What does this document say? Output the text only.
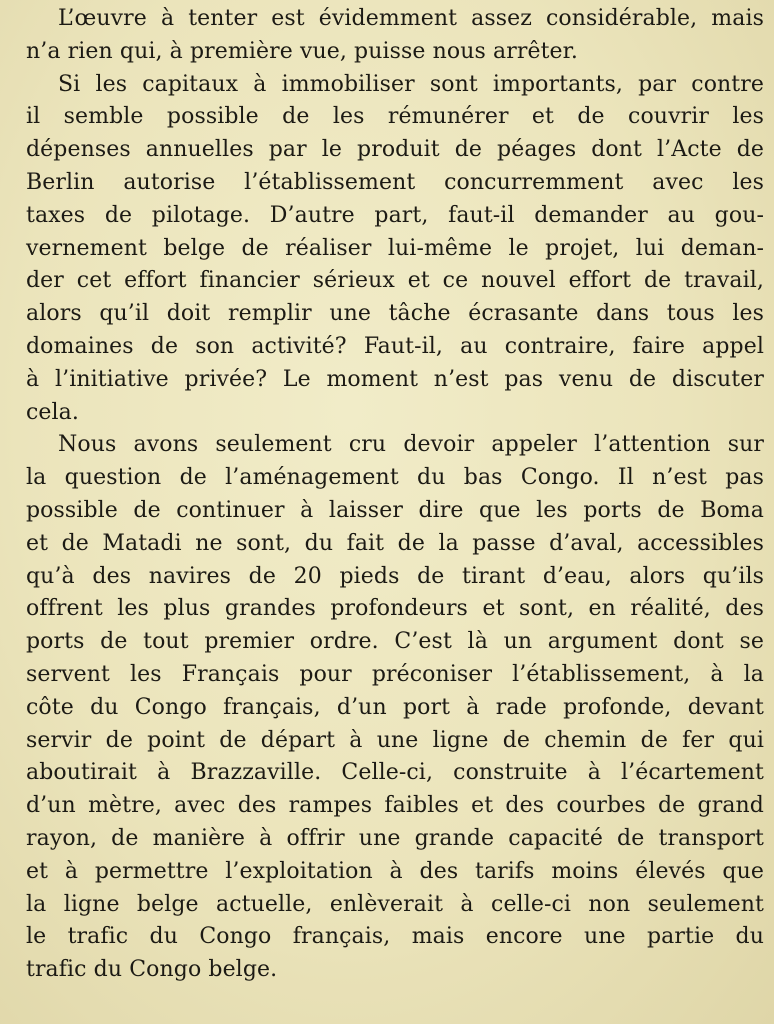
L’œuvre à tenter est évidemment assez considérable, mais
n’a rien qui, à première vue, puisse nous arrêter.

Si les capitaux à immobiliser sont importants, par contre
il semble possible de les rémunérer et de couvrir les
dépenses annuelles par le produit de péages dont l’Acte de
Berlin autorise l’établissement concurremment avec les
taxes de pilotage. D’autre part, faut-il demander au gou-
vernement belge de réaliser lui-même le projet, lui deman-
der cet effort financier sérieux et ce nouvel effort de travail,
alors qu’il doit remplir une tâche écrasante dans tous les
domaines de son activité? Faut-il, au contraire, faire appel
à l’initiative privée? Le moment n’est pas venu de discuter
cela.

Nous avons seulement cru devoir appeler l’attention sur
la question de l’aménagement du bas Congo. Il n’est pas
possible de continuer à laisser dire que les ports de Boma
et de Matadi ne sont, du fait de la passe d’aval, accessibles
qu’à des navires de 20 pieds de tirant d’eau, alors qu’ils
offrent les plus grandes profondeurs et sont, en réalité, des
ports de tout premier ordre. C’est là un argument dont se
servent les Français pour préconiser l’établissement, à la
côte du Congo français, d’un port à rade profonde, devant
servir de point de départ à une ligne de chemin de fer qui
aboutirait à Brazzaville. Celle-ci, construite à l’écartement
d’un mètre, avec des rampes faibles et des courbes de grand
rayon, de manière à offrir une grande capacité de transport
et à permettre l’exploitation à des tarifs moins élevés que
la ligne belge actuelle, enlèverait à celle-ci non seulement
le trafic du Congo français, mais encore une partie du
trafic du Congo belge.
